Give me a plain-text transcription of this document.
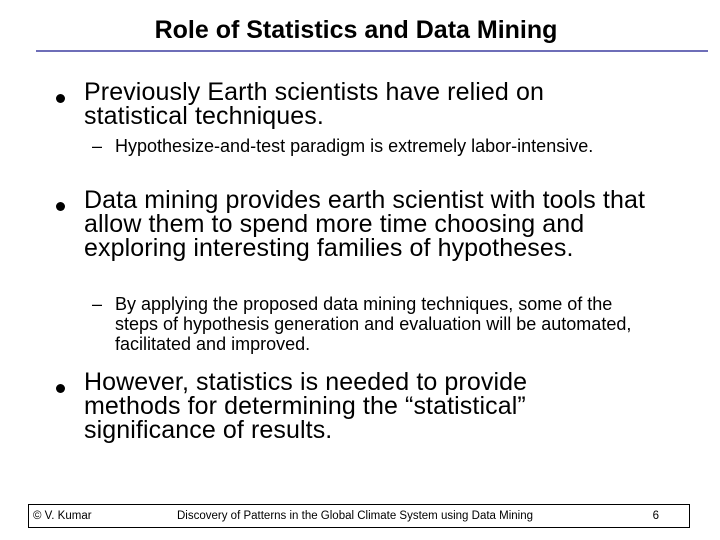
Role of Statistics and Data Mining
Previously Earth scientists have relied on statistical techniques.
– Hypothesize-and-test paradigm is extremely labor-intensive.
Data mining provides earth scientist with tools that allow them to spend more time choosing and exploring interesting families of hypotheses.
– By applying the proposed data mining techniques, some of the steps of hypothesis generation and evaluation will be automated, facilitated and improved.
However, statistics is needed to provide methods for determining the “statistical” significance of results.
© V. Kumar	Discovery of Patterns in the Global Climate System using Data Mining	6
